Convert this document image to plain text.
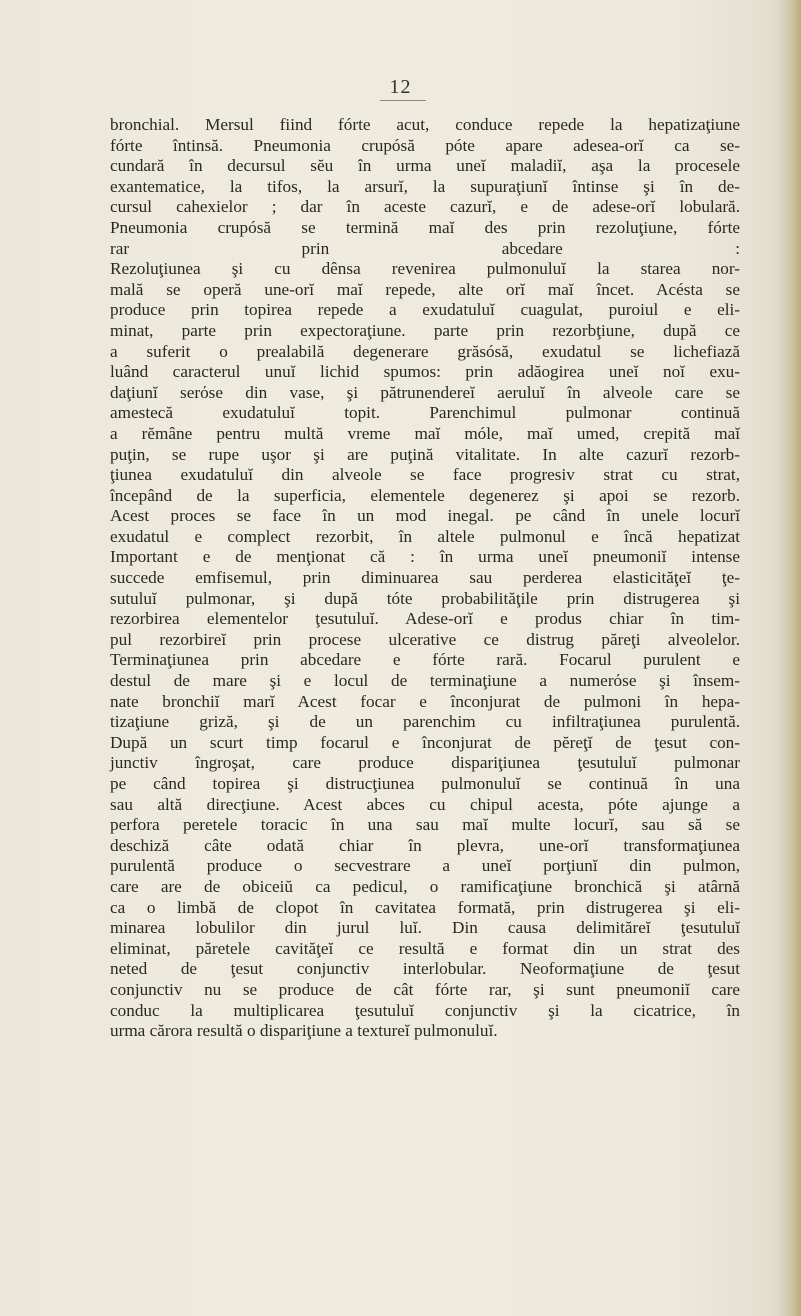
12
bronchial. Mersul fiind fórte acut, conduce repede la hepatizaţiune
fórte întinsă. Pneumonia crupósă póte apare adesea-orĭ ca se-
cundară în decursul sĕu în urma uneĭ maladiĭ, aşa la procesele
exantematice, la tifos, la arsurĭ, la supuraţiunĭ întinse şi în de-
cursul cahexielor ; dar în aceste cazurĭ, e de adese-orĭ lobulară.
Pneumonia crupósă se termină maĭ des prin rezoluţiune, fórte
rar prin abcedare :
Rezoluţiunea şi cu dênsa revenirea pulmonuluĭ la starea nor-
mală se operă une-orĭ maĭ repede, alte orĭ maĭ încet. Acésta se
produce prin topirea repede a exudatuluĭ cuagulat, puroiul e eli-
minat, parte prin expectoraţiune. parte prin rezorbţiune, după ce
a suferit o prealabilă degenerare grăsósă, exudatul se lichefiază
luând caracterul unuĭ lichid spumos: prin adăogirea uneĭ noĭ exu-
daţiunĭ serόse din vase, şi pătrunendereĭ aeruluĭ în alveole care se
amestecă exudatuluĭ topit. Parenchimul pulmonar continuă
a rĕmâne pentru multă vreme maĭ móle, maĭ umed, crepită maĭ
puţin, se rupe uşor şi are puţină vitalitate. In alte cazurĭ rezorb-
ţiunea exudatuluĭ din alveole se face progresiv strat cu strat,
începând de la superficia, elementele degenerez şi apoi se rezorb.
Acest proces se face în un mod inegal. pe când în unele locurĭ
exudatul e complect rezorbit, în altele pulmonul e încă hepatizat
Important e de menţionat că : în urma uneĭ pneumoniĭ intense
succede emfisemul, prin diminuarea sau perderea elasticităţeĭ ţe-
sutuluĭ pulmonar, şi după tóte probabilităţile prin distrugerea şi
rezorbirea elementelor ţesutuluĭ. Adese-orĭ e produs chiar în tim-
pul rezorbireĭ prin procese ulcerative ce distrug păreţi alveolelor.
Terminaţiunea prin abcedare e fórte rară. Focarul purulent e
destul de mare şi e locul de terminaţiune a numerόse şi însem-
nate bronchiĭ marĭ Acest focar e înconjurat de pulmoni în hepa-
tizaţiune griză, şi de un parenchim cu infiltraţiunea purulentă.
După un scurt timp focarul e înconjurat de pĕreţĭ de ţesut con-
junctiv îngroşat, care produce dispariţiunea ţesutuluĭ pulmonar
pe când topirea şi distrucţiunea pulmonuluĭ se continuă în una
sau altă direcţiune. Acest abces cu chipul acesta, póte ajunge a
perfora peretele toracic în una sau maĭ multe locurĭ, sau să se
deschiză câte odată chiar în plevra, une-orĭ transformaţiunea
purulentă produce o secvestrare a uneĭ porţiunĭ din pulmon,
care are de obiceiŭ ca pedicul, o ramificaţiune bronchică şi atârnă
ca o limbă de clopot în cavitatea formată, prin distrugerea şi eli-
minarea lobulilor din jurul luĭ. Din causa delimităreĭ ţesutuluĭ
eliminat, păretele cavităţeĭ ce resultă e format din un strat des
neted de ţesut conjunctiv interlobular. Neoformaţiune de ţesut
conjunctiv nu se produce de cât fórte rar, şi sunt pneumoniĭ care
conduc la multiplicarea ţesutuluĭ conjunctiv şi la cicatrice, în
urma cărora resultă o dispariţiune a textureĭ pulmonuluĭ.
